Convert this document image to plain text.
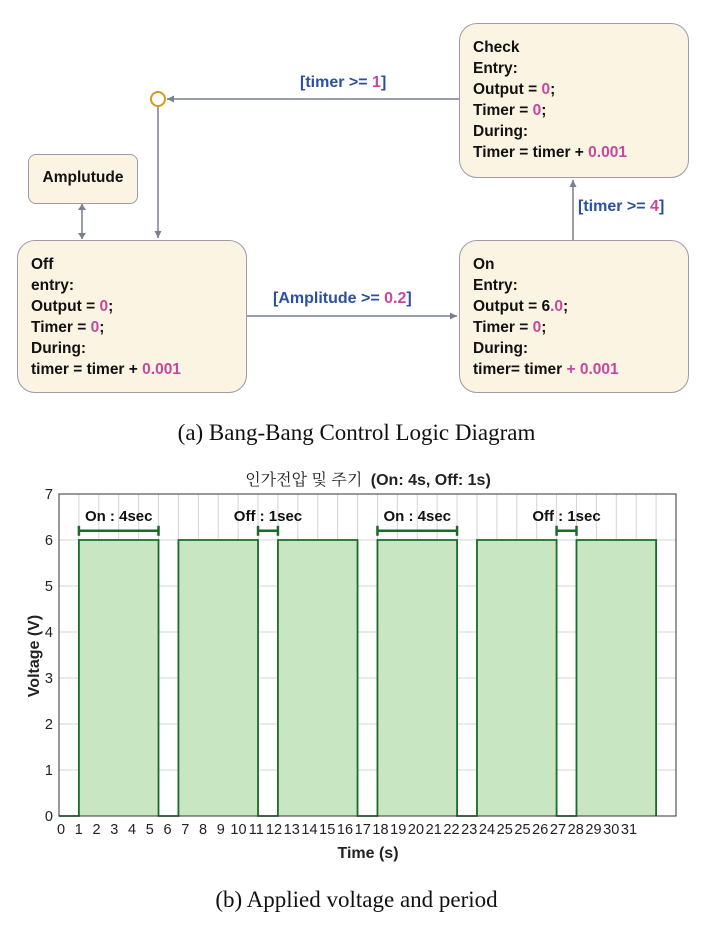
Amplutude
Check
Entry:
Output = 0;
Timer = 0;
During:
Timer = timer + 0.001
Off
entry:
Output = 0;
Timer = 0;
During:
timer = timer + 0.001
On
Entry:
Output = 6.0;
Timer = 0;
During:
timer= timer + 0.001
[timer >= 1]
[Amplitude >= 0.2]
[timer >= 4]
(a) Bang-Bang Control Logic Diagram
인가전압 및 주기 (On: 4s, Off: 1s)
0 1 2 3 4 5 6 7 8 9 10 11 12 13 14 15 16 17 18 19 20 21 22 23 24 25 25 26 27 28 29 30 31
0
1
2
3
4
5
6
7
On : 4sec	Off : 1sec	On : 4sec	Off : 1sec
Time (s)
Voltage (V)
(b) Applied voltage and period
